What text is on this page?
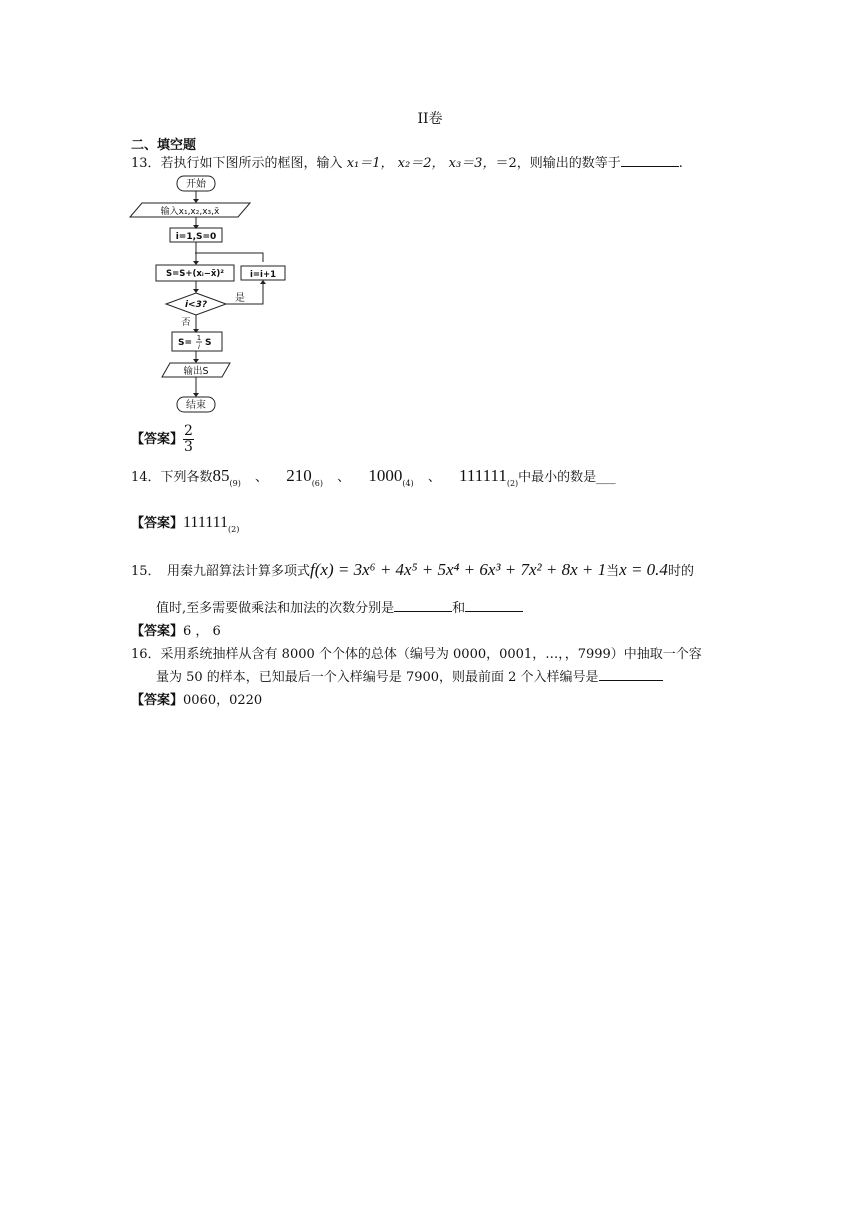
II卷
二、填空题
13．若执行如下图所示的框图，输入 x₁＝1， x₂＝2， x₃＝3，＝2，则输出的数等于	.
开始
输入x₁,x₂,x₃,x̄
i=1,S=0
S=S+(xᵢ−x̄)²	i=i+1
i<3?
是
否
S= 1
i S
输出S
结束
【答案】 $\frac{2}{3}$
14．下列各数$85_{(9)}$ 、 $210_{(6)}$ 、 $1000_{(4)}$ 、 $111111_{(2)}$中最小的数是___
【答案】$111111_{(2)}$
15．　用秦九韶算法计算多项式f(x) = 3x⁶ + 4x⁵ + 5x⁴ + 6x³ + 7x² + 8x + 1当x = 0.4时的
值时,至多需要做乘法和加法的次数分别是	和
【答案】6 ， 6
16．采用系统抽样从含有 8000 个个体的总体（编号为 0000，0001，…，，7999）中抽取一个容
量为 50 的样本，已知最后一个入样编号是 7900，则最前面 2 个入样编号是
【答案】0060，0220
